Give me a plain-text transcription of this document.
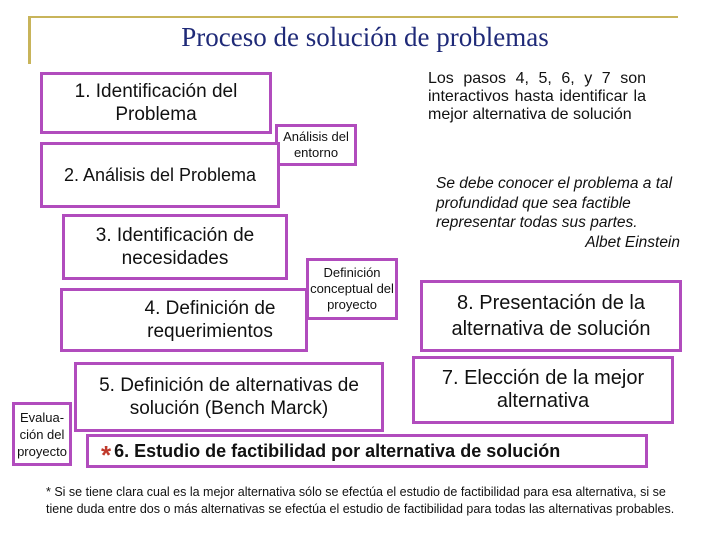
Proceso de solución de problemas
1. Identificación del Problema
Análisis del entorno
2. Análisis del Problema
3. Identificación de necesidades
Definición conceptual del proyecto
4. Definición de requerimientos
5. Definición de alternativas de solución (Bench Marck)
Evalua-ción del proyecto
7. Elección de la mejor alternativa
8. Presentación de la alternativa de solución
* 6. Estudio de factibilidad por alternativa de solución
Los pasos 4, 5, 6, y 7 son interactivos hasta identificar la mejor alternativa de solución
Se debe conocer el problema a tal profundidad que sea factible representar todas sus partes.
Albet Einstein
* Si se tiene clara cual es la mejor alternativa sólo se efectúa el estudio de factibilidad para esa alternativa, si se tiene duda entre dos o más alternativas se efectúa el estudio de factibilidad para todas las alternativas probables.
